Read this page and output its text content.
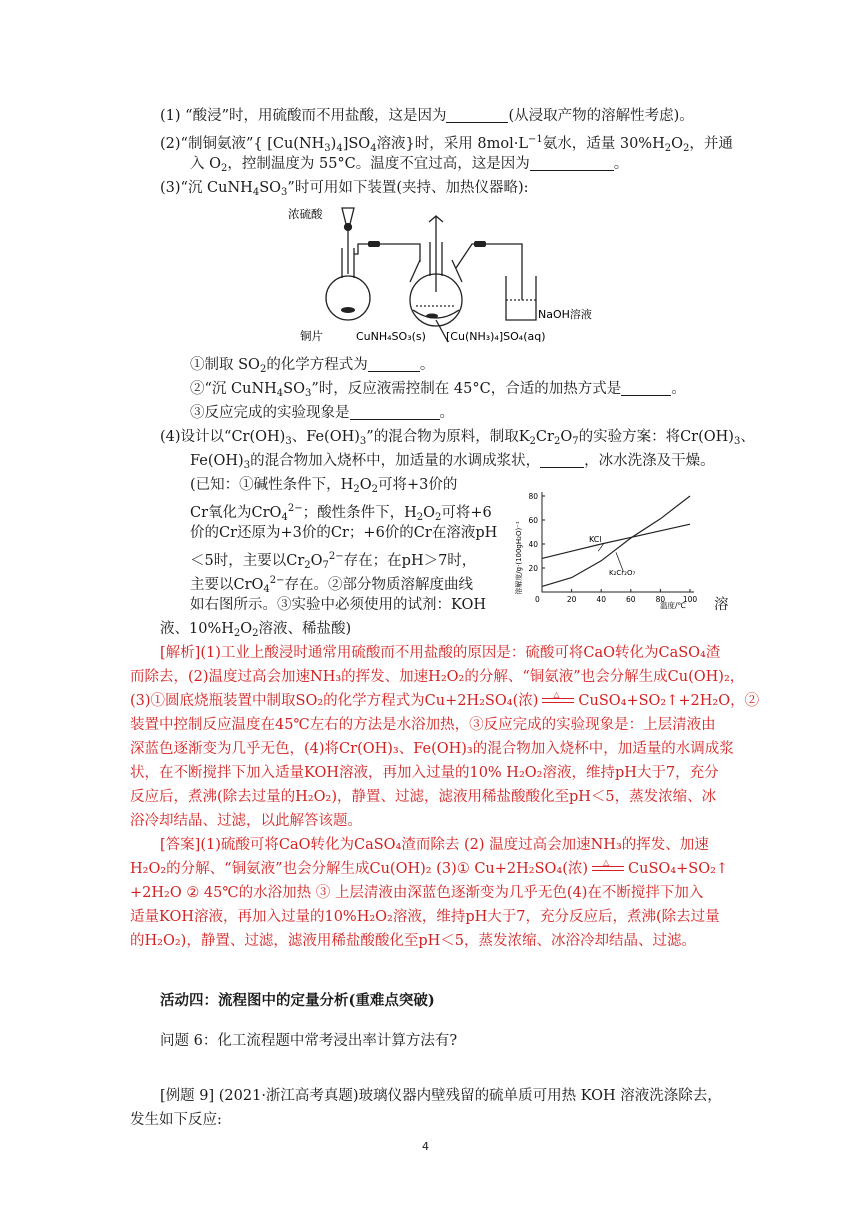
(1) “酸浸”时，用硫酸而不用盐酸，这是因为	(从浸取产物的溶解性考虑)。
(2)“制铜氨液”{ $[Cu(NH_3)_4]SO_4$溶液}时，采用 $8mol\cdot L^{-1}$氨水，适量 $30\%H_2O_2$，并通
入 $O_2$，控制温度为 55°C。温度不宜过高，这是因为	。
(3)“沉 $CuNH_4SO_3$”时可用如下装置(夹持、加热仪器略):
浓硫酸
铜片	CuNH₄SO₃(s) [Cu(NH₃)₄]SO₄(aq)
NaOH溶液
①制取 $SO_2$的化学方程式为	。
②“沉 $CuNH_4SO_3$”时，反应液需控制在 45°C，合适的加热方式是	。
③反应完成的实验现象是	。
(4)设计以“$Cr(OH)_3$、$Fe(OH)_3$”的混合物为原料，制取$K_2Cr_2O_7$的实验方案：将$Cr(OH)_3$、
$Fe(OH)_3$的混合物加入烧杯中，加适量的水调成浆状，	，冰水洗涤及干燥。
(已知：①碱性条件下，$H_2O_2$可将+3价的
Cr氧化为CrO$_4^{2-}$；酸性条件下，$H_2O_2$可将+6
价的Cr还原为+3价的Cr；+6价的Cr在溶液pH
＜5时，主要以$Cr_2O_7^{2-}$存在；在pH＞7时，
主要以CrO$_4^{2-}$存在。②部分物质溶解度曲线
如右图所示。③实验中必须使用的试剂：KOH	溶
液、$10\%H_2O_2$溶液、稀盐酸)
0	20	40	60	80 100
20
40
60
80
溶解度/g·(100gH₂O)⁻¹
温度/℃
KCl
K₂Cr₂O₇
[解析](1)工业上酸浸时通常用硫酸而不用盐酸的原因是：硫酸可将CaO转化为CaSO₄渣
而除去，(2)温度过高会加速NH₃的挥发、加速H₂O₂的分解、“铜氨液”也会分解生成Cu(OH)₂，
(3)①圆底烧瓶装置中制取SO₂的化学方程式为Cu+2H₂SO₄(浓) △ CuSO₄+SO₂↑+2H₂O，②
装置中控制反应温度在45℃左右的方法是水浴加热，③反应完成的实验现象是：上层清液由
深蓝色逐渐变为几乎无色，(4)将Cr(OH)₃、Fe(OH)₃的混合物加入烧杯中，加适量的水调成浆
状，在不断搅拌下加入适量KOH溶液，再加入过量的10% H₂O₂溶液，维持pH大于7，充分
反应后，煮沸(除去过量的H₂O₂)，静置、过滤，滤液用稀盐酸酸化至pH＜5，蒸发浓缩、冰
浴冷却结晶、过滤，以此解答该题。
[答案](1)硫酸可将CaO转化为CaSO₄渣而除去 (2) 温度过高会加速NH₃的挥发、加速
H₂O₂的分解、“铜氨液”也会分解生成Cu(OH)₂ (3)① Cu+2H₂SO₄(浓) △ CuSO₄+SO₂↑
+2H₂O ② 45℃的水浴加热 ③ 上层清液由深蓝色逐渐变为几乎无色(4)在不断搅拌下加入
适量KOH溶液，再加入过量的10%H₂O₂溶液，维持pH大于7，充分反应后，煮沸(除去过量
的H₂O₂)，静置、过滤，滤液用稀盐酸酸化至pH＜5，蒸发浓缩、冰浴冷却结晶、过滤。
活动四：流程图中的定量分析(重难点突破)
问题 6：化工流程题中常考浸出率计算方法有?
[例题 9] (2021·浙江高考真题)玻璃仪器内壁残留的硫单质可用热 KOH 溶液洗涤除去，
发生如下反应:
4
